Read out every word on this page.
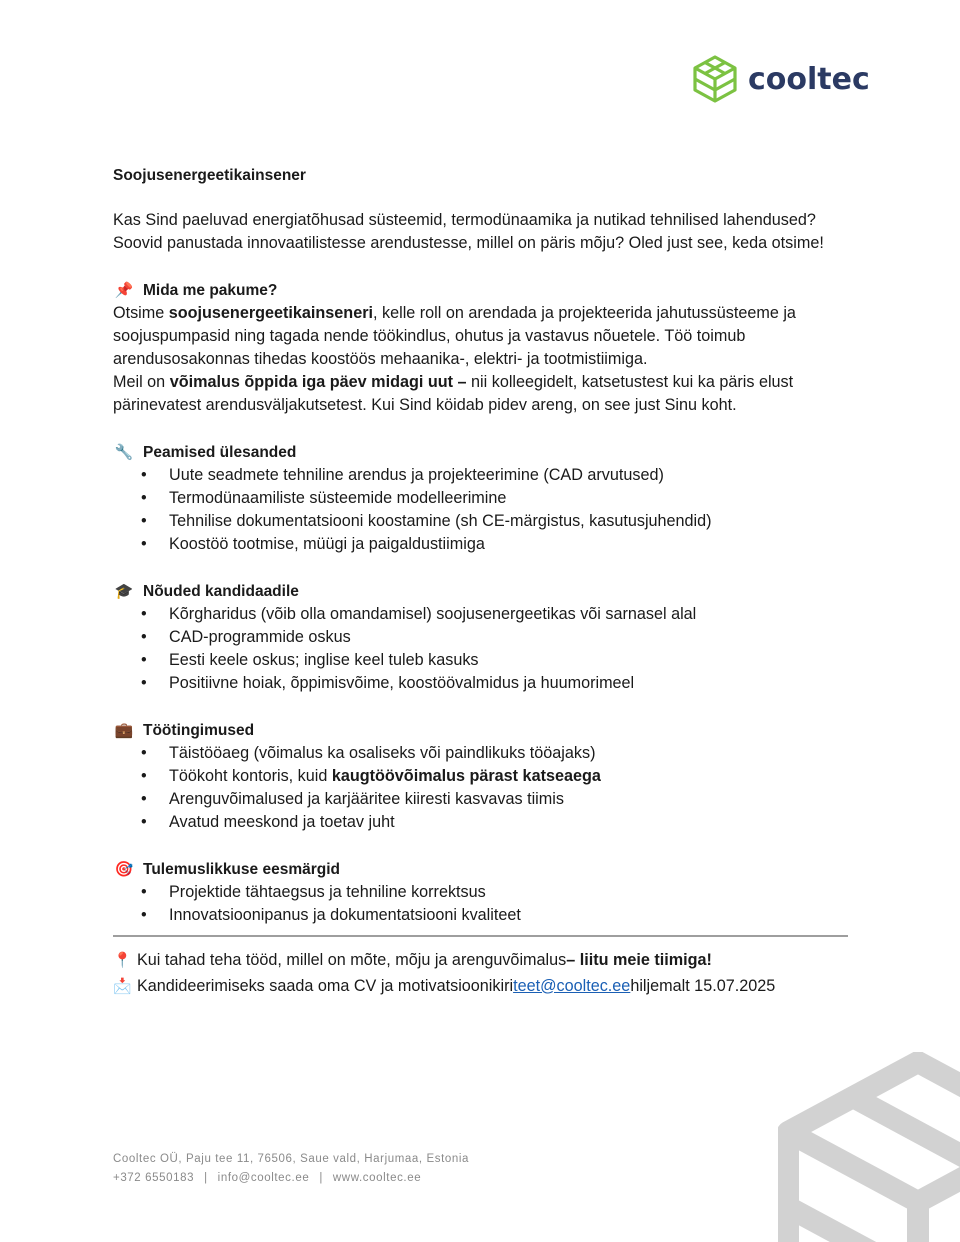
cooltec

Soojusenergeetikainsener

Kas Sind paeluvad energiatõhusad süsteemid, termodünaamika ja nutikad tehnilised lahendused? Soovid panustada innovaatilistesse arendustesse, millel on päris mõju? Oled just see, keda otsime!

📌 Mida me pakume?

Otsime soojusenergeetikainseneri, kelle roll on arendada ja projekteerida jahutussüsteeme ja soojuspumpasid ning tagada nende töökindlus, ohutus ja vastavus nõuetele. Töö toimub arendusosakonnas tihedas koostöös mehaanika-, elektri- ja tootmistiimiga.

Meil on võimalus õppida iga päev midagi uut – nii kolleegidelt, katsetustest kui ka päris elust pärinevatest arendusväljakutsetest. Kui Sind köidab pidev areng, on see just Sinu koht.

🔧 Peamised ülesanded
• Uute seadmete tehniline arendus ja projekteerimine (CAD arvutused)
• Termodünaamiliste süsteemide modelleerimine
• Tehnilise dokumentatsiooni koostamine (sh CE-märgistus, kasutusjuhendid)
• Koostöö tootmise, müügi ja paigaldustiimiga
🎓 Nõuded kandidaadile
• Kõrgharidus (võib olla omandamisel) soojusenergeetikas või sarnasel alal
• CAD-programmide oskus
• Eesti keele oskus; inglise keel tuleb kasuks
• Positiivne hoiak, õppimisvõime, koostöövalmidus ja huumorimeel
💼 Töötingimused
• Täistööaeg (võimalus ka osaliseks või paindlikuks tööajaks)
• Töökoht kontoris, kuid kaugtöövõimalus pärast katseaega
• Arenguvõimalused ja karjääritee kiiresti kasvavas tiimis
• Avatud meeskond ja toetav juht
🎯 Tulemuslikkuse eesmärgid
• Projektide tähtaegsus ja tehniline korrektsus
• Innovatsioonipanus ja dokumentatsiooni kvaliteet
📍 Kui tahad teha tööd, millel on mõte, mõju ja arenguvõimalus – liitu meie tiimiga!
📩 Kandideerimiseks saada oma CV ja motivatsioonikiri teet@cooltec.ee hiljemalt 15.07.2025
Cooltec OÜ, Paju tee 11, 76506, Saue vald, Harjumaa, Estonia
+372 6550183 | info@cooltec.ee | www.cooltec.ee
